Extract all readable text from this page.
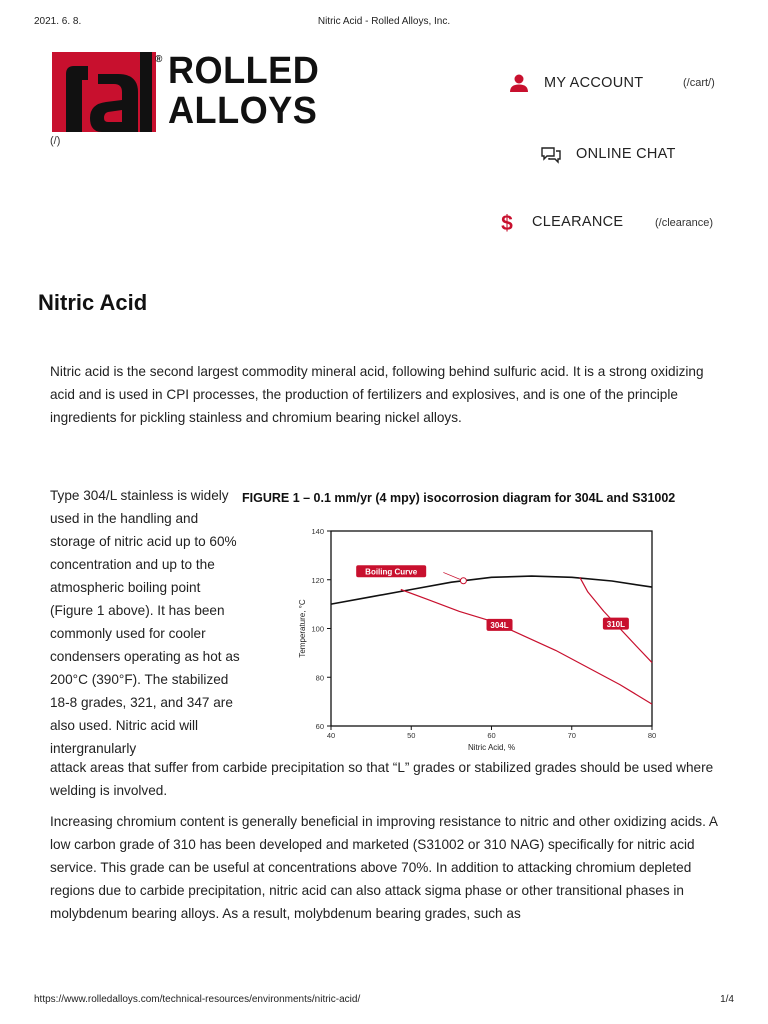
2021. 6. 8.	Nitric Acid - Rolled Alloys, Inc.
® ROLLED
ALLOYS
(/)
MY ACCOUNT	(/cart/)
ONLINE CHAT
$ CLEARANCE	(/clearance)
Nitric Acid

Nitric acid is the second largest commodity mineral acid, following behind sulfuric acid. It is a strong oxidizing acid and is used in CPI processes, the production of fertilizers and explosives, and is one of the principle ingredients for pickling stainless and chromium bearing nickel alloys.

Type 304/L stainless is widely used in the handling and storage of nitric acid up to 60% concentration and up to the atmospheric boiling point (Figure 1 above). It has been commonly used for cooler condensers operating as hot as 200°C (390°F). The stabilized 18-8 grades, 321, and 347 are also used. Nitric acid will intergranularly

attack areas that suffer from carbide precipitation so that “L” grades or stabilized grades should be used where welding is involved.

Increasing chromium content is generally beneficial in improving resistance to nitric and other oxidizing acids. A low carbon grade of 310 has been developed and marketed (S31002 or 310 NAG) specifically for nitric acid service. This grade can be useful at concentrations above 70%. In addition to attacking chromium depleted regions due to carbide precipitation, nitric acid can also attack sigma phase or other transitional phases in molybdenum bearing alloys. As a result, molybdenum bearing grades, such as

FIGURE 1 – 0.1 mm/yr (4 mpy) isocorrosion diagram for 304L and S31002
40	50	60	70	80
60
80
100
120
140
Nitric Acid, %
Temperature, °C
Boiling Curve
304L	310L
https://www.rolledalloys.com/technical-resources/environments/nitric-acid/	1/4
